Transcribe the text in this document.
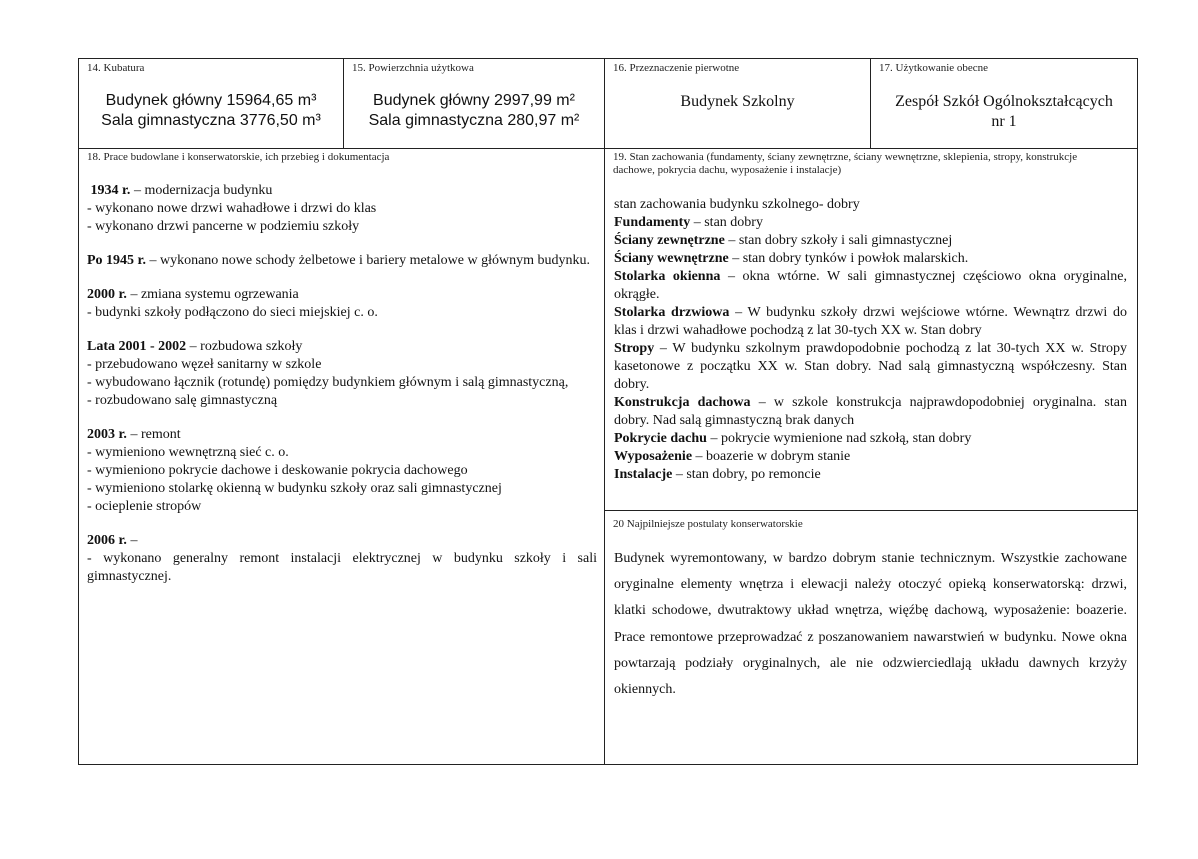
14. Kubatura
Budynek główny 15964,65 m³
Sala gimnastyczna 3776,50 m³
15. Powierzchnia użytkowa
Budynek główny 2997,99 m²
Sala gimnastyczna 280,97 m²
16. Przeznaczenie pierwotne
Budynek Szkolny
17. Użytkowanie obecne
Zespół Szkół Ogólnokształcących
nr 1
18. Prace budowlane i konserwatorskie, ich przebieg i dokumentacja

1934 r. – modernizacja budynku

- wykonano nowe drzwi wahadłowe i drzwi do klas

- wykonano drzwi pancerne w podziemiu szkoły

Po 1945 r. – wykonano nowe schody żelbetowe i bariery metalowe w głównym budynku.

2000 r. – zmiana systemu ogrzewania

- budynki szkoły podłączono do sieci miejskiej c. o.

Lata 2001 - 2002 – rozbudowa szkoły

- przebudowano węzeł sanitarny w szkole

- wybudowano łącznik (rotundę) pomiędzy budynkiem głównym i salą gimnastyczną,

- rozbudowano salę gimnastyczną

2003 r. – remont

- wymieniono wewnętrzną sieć c. o.

- wymieniono pokrycie dachowe i deskowanie pokrycia dachowego

- wymieniono stolarkę okienną w budynku szkoły oraz sali gimnastycznej

- ocieplenie stropów

2006 r. –

- wykonano generalny remont instalacji elektrycznej w budynku szkoły i sali gimnastycznej.

19. Stan zachowania (fundamenty, ściany zewnętrzne, ściany wewnętrzne, sklepienia, stropy, konstrukcje dachowe, pokrycia dachu, wyposażenie i instalacje)

stan zachowania budynku szkolnego- dobry

Fundamenty – stan dobry

Ściany zewnętrzne – stan dobry szkoły i sali gimnastycznej

Ściany wewnętrzne – stan dobry tynków i powłok malarskich.

Stolarka okienna – okna wtórne. W sali gimnastycznej częściowo okna oryginalne, okrągłe.

Stolarka drzwiowa – W budynku szkoły drzwi wejściowe wtórne. Wewnątrz drzwi do klas i drzwi wahadłowe pochodzą z lat 30-tych XX w. Stan dobry

Stropy – W budynku szkolnym prawdopodobnie pochodzą z lat 30-tych XX w. Stropy kasetonowe z początku XX w. Stan dobry. Nad salą gimnastyczną współczesny. Stan dobry.

Konstrukcja dachowa – w szkole konstrukcja najprawdopodobniej oryginalna. stan dobry. Nad salą gimnastyczną brak danych

Pokrycie dachu – pokrycie wymienione nad szkołą, stan dobry

Wyposażenie – boazerie w dobrym stanie

Instalacje – stan dobry, po remoncie

20 Najpilniejsze postulaty konserwatorskie

Budynek wyremontowany, w bardzo dobrym stanie technicznym. Wszystkie zachowane oryginalne elementy wnętrza i elewacji należy otoczyć opieką konserwatorską: drzwi, klatki schodowe, dwutraktowy układ wnętrza, więźbę dachową, wyposażenie: boazerie. Prace remontowe przeprowadzać z poszanowaniem nawarstwień w budynku. Nowe okna powtarzają podziały oryginalnych, ale nie odzwierciedlają układu dawnych krzyży okiennych.
